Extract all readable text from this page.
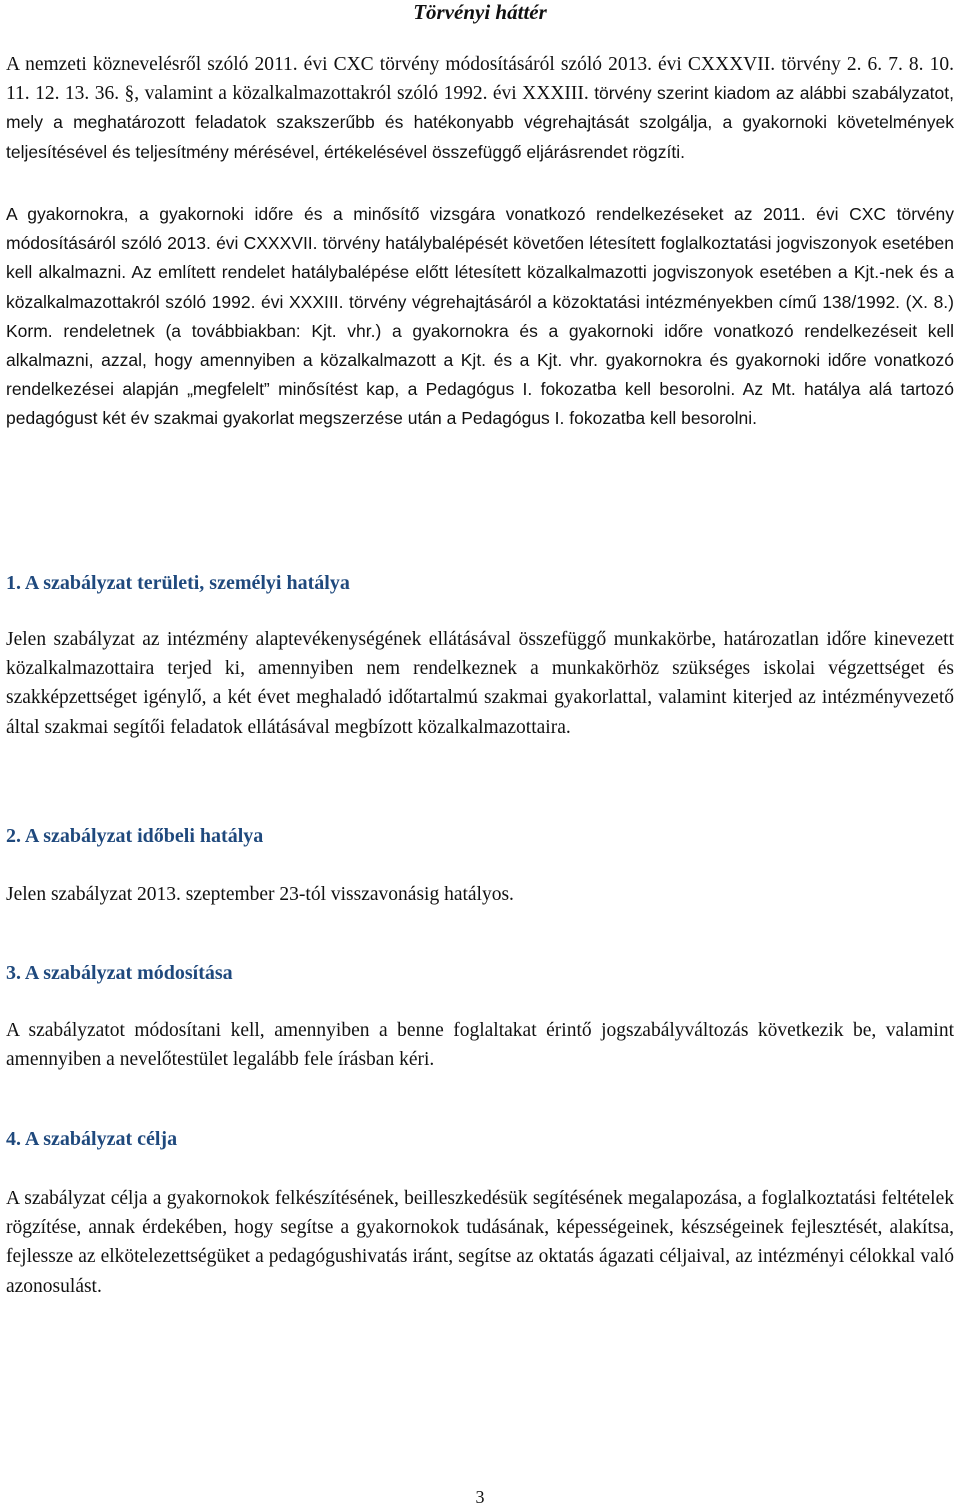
Törvényi háttér

A nemzeti köznevelésről szóló 2011. évi CXC törvény módosításáról szóló 2013. évi CXXXVII. törvény 2. 6. 7. 8. 10. 11. 12. 13. 36. §, valamint a közalkalmazottakról szóló 1992. évi XXXIII. törvény szerint kiadom az alábbi szabályzatot, mely a meghatározott feladatok szakszerűbb és hatékonyabb végrehajtását szolgálja, a gyakornoki követelmények teljesítésével és teljesítmény mérésével, értékelésével összefüggő eljárásrendet rögzíti.

A gyakornokra, a gyakornoki időre és a minősítő vizsgára vonatkozó rendelkezéseket az 2011. évi CXC törvény módosításáról szóló 2013. évi CXXXVII. törvény hatálybalépését követően létesített foglalkoztatási jogviszonyok esetében kell alkalmazni. Az említett rendelet hatálybalépése előtt létesített közalkalmazotti jogviszonyok esetében a Kjt.-nek és a közalkalmazottakról szóló 1992. évi XXXIII. törvény végrehajtásáról a közoktatási intézményekben című 138/1992. (X. 8.) Korm. rendeletnek (a továbbiakban: Kjt. vhr.) a gyakornokra és a gyakornoki időre vonatkozó rendelkezéseit kell alkalmazni, azzal, hogy amennyiben a közalkalmazott a Kjt. és a Kjt. vhr. gyakornokra és gyakornoki időre vonatkozó rendelkezései alapján „megfelelt” minősítést kap, a Pedagógus I. fokozatba kell besorolni. Az Mt. hatálya alá tartozó pedagógust két év szakmai gyakorlat megszerzése után a Pedagógus I. fokozatba kell besorolni.

1. A szabályzat területi, személyi hatálya

Jelen szabályzat az intézmény alaptevékenységének ellátásával összefüggő munkakörbe, határozatlan időre kinevezett közalkalmazottaira terjed ki, amennyiben nem rendelkeznek a munkakörhöz szükséges iskolai végzettséget és szakképzettséget igénylő, a két évet meghaladó időtartalmú szakmai gyakorlattal, valamint kiterjed az intézményvezető által szakmai segítői feladatok ellátásával megbízott közalkalmazottaira.

2. A szabályzat időbeli hatálya

Jelen szabályzat 2013. szeptember 23-tól visszavonásig hatályos.

3. A szabályzat módosítása

A szabályzatot módosítani kell, amennyiben a benne foglaltakat érintő jogszabályváltozás következik be, valamint amennyiben a nevelőtestület legalább fele írásban kéri.

4. A szabályzat célja

A szabályzat célja a gyakornokok felkészítésének, beilleszkedésük segítésének megalapozása, a foglalkoztatási feltételek rögzítése, annak érdekében, hogy segítse a gyakornokok tudásának, képességeinek, készségeinek fejlesztését, alakítsa, fejlessze az elkötelezettségüket a pedagógushivatás iránt, segítse az oktatás ágazati céljaival, az intézményi célokkal való azonosulást.

3
